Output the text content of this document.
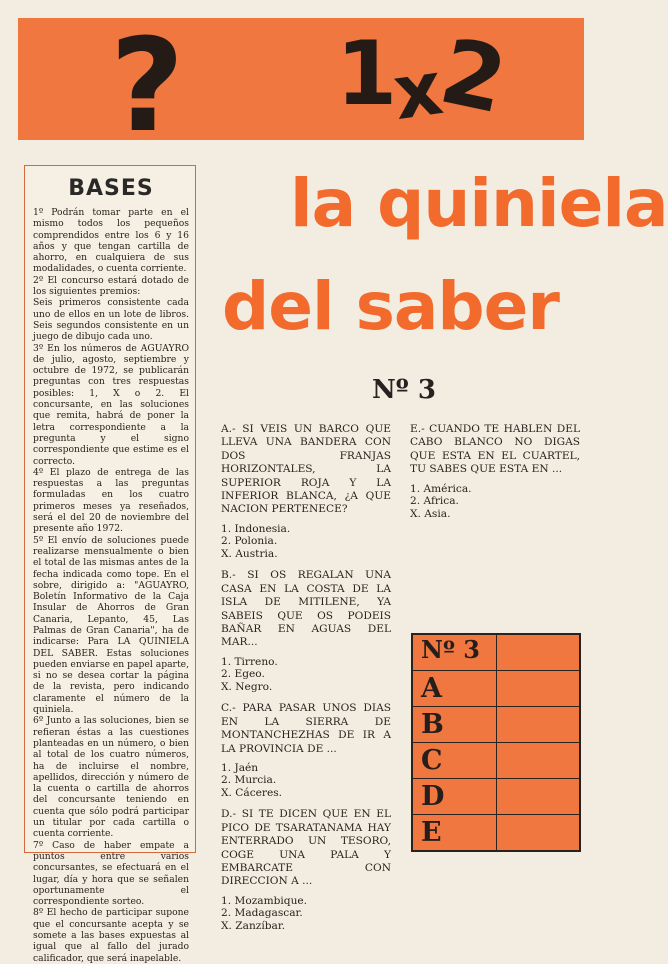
? 1
x
2
BASES

1º Podrán tomar parte en el mismo todos los pequeños comprendidos entre los 6 y 16 años y que tengan cartilla de ahorro, en cualquiera de sus modalidades, o cuenta corriente.

2º El concurso estará dotado de los siguientes premios:

Seis primeros consistente cada uno de ellos en un lote de libros. Seis segundos consistente en un juego de dibujo cada uno.

3º En los números de AGUAYRO de julio, agosto, septiembre y octubre de 1972, se publicarán preguntas con tres respuestas posibles: 1, X o 2. El concursante, en las soluciones que remita, habrá de poner la letra correspondiente a la pregunta y el signo correspondiente que estime es el correcto.

4º El plazo de entrega de las respuestas a las preguntas formuladas en los cuatro primeros meses ya reseñados, será el del 20 de noviembre del presente año 1972.

5º El envío de soluciones puede realizarse mensualmente o bien el total de las mismas antes de la fecha indicada como tope. En el sobre, dirigido a: "AGUAYRO, Boletín Informativo de la Caja Insular de Ahorros de Gran Canaria, Lepanto, 45, Las Palmas de Gran Canaria", ha de indicarse: Para LA QUINIELA DEL SABER. Estas soluciones pueden enviarse en papel aparte, si no se desea cortar la página de la revista, pero indicando claramente el número de la quiniela.

6º Junto a las soluciones, bien se refieran éstas a las cuestiones planteadas en un número, o bien al total de los cuatro números, ha de incluirse el nombre, apellidos, dirección y número de la cuenta o cartilla de ahorros del concursante teniendo en cuenta que sólo podrá participar un titular por cada cartilla o cuenta corriente.

7º Caso de haber empate a puntos entre varios concursantes, se efectuará en el lugar, día y hora que se señalen oportunamente el correspondiente sorteo.

8º El hecho de participar supone que el concursante acepta y se somete a las bases expuestas al igual que al fallo del jurado calificador, que será inapelable.

la quiniela
del saber
Nº 3

A.- SI VEIS UN BARCO QUE LLEVA UNA BANDERA CON DOS FRANJAS HORIZONTALES, LA SUPERIOR ROJA Y LA INFERIOR BLANCA, ¿A QUE NACION PERTENECE?

1. Indonesia.

2. Polonia.

X. Austria.

B.- SI OS REGALAN UNA CASA EN LA COSTA DE LA ISLA DE MITILENE, YA SABEIS QUE OS PODEIS BAÑAR EN AGUAS DEL MAR...

1. Tirreno.

2. Egeo.

X. Negro.

C.- PARA PASAR UNOS DIAS EN LA SIERRA DE MONTANCHEZHAS DE IR A LA PROVINCIA DE ...

1. Jaén

2. Murcia.

X. Cáceres.

D.- SI TE DICEN QUE EN EL PICO DE TSARATANAMA HAY ENTERRADO UN TESORO, COGE UNA PALA Y EMBARCATE CON DIRECCION A ...

1. Mozambique.

2. Madagascar.

X. Zanzíbar.

E.- CUANDO TE HABLEN DEL CABO BLANCO NO DIGAS QUE ESTA EN EL CUARTEL, TU SABES QUE ESTA EN ...

1. América.

2. Africa.

X. Asia.

Nº 3
A
B
C
D
E
